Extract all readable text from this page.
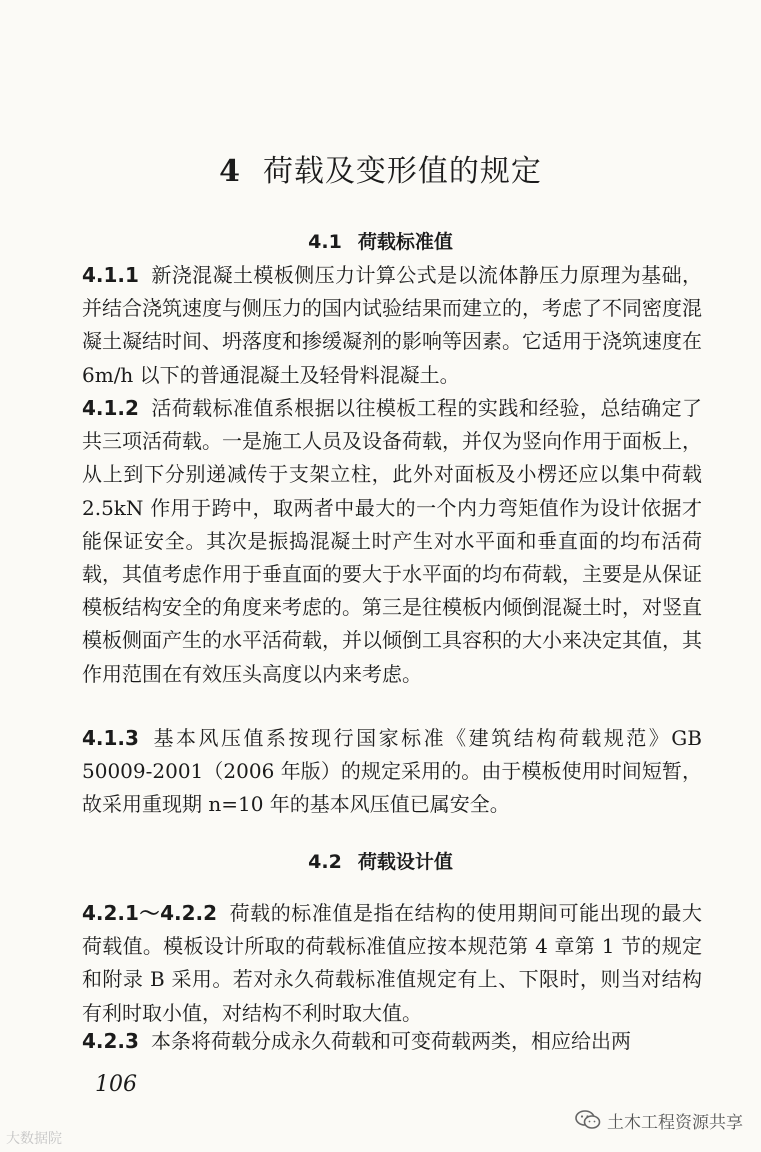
4 荷载及变形值的规定
4.1 荷载标准值

4.1.1 新浇混凝土模板侧压力计算公式是以流体静压力原理为基础，并结合浇筑速度与侧压力的国内试验结果而建立的，考虑了不同密度混凝土凝结时间、坍落度和掺缓凝剂的影响等因素。它适用于浇筑速度在 6m/h 以下的普通混凝土及轻骨料混凝土。

4.1.2 活荷载标准值系根据以往模板工程的实践和经验，总结确定了共三项活荷载。一是施工人员及设备荷载，并仅为竖向作用于面板上，从上到下分别递减传于支架立柱，此外对面板及小楞还应以集中荷载 2.5kN 作用于跨中，取两者中最大的一个内力弯矩值作为设计依据才能保证安全。其次是振捣混凝土时产生对水平面和垂直面的均布活荷载，其值考虑作用于垂直面的要大于水平面的均布荷载，主要是从保证模板结构安全的角度来考虑的。第三是往模板内倾倒混凝土时，对竖直模板侧面产生的水平活荷载，并以倾倒工具容积的大小来决定其值，其作用范围在有效压头高度以内来考虑。

4.1.3 基本风压值系按现行国家标准《建筑结构荷载规范》GB 50009-2001（2006 年版）的规定采用的。由于模板使用时间短暂，故采用重现期 n=10 年的基本风压值已属安全。

4.2 荷载设计值

4.2.1～4.2.2 荷载的标准值是指在结构的使用期间可能出现的最大荷载值。模板设计所取的荷载标准值应按本规范第 4 章第 1 节的规定和附录 B 采用。若对永久荷载标准值规定有上、下限时，则当对结构有利时取小值，对结构不利时取大值。

4.2.3 本条将荷载分成永久荷载和可变荷载两类，相应给出两

106
大数据院
土木工程资源共享
